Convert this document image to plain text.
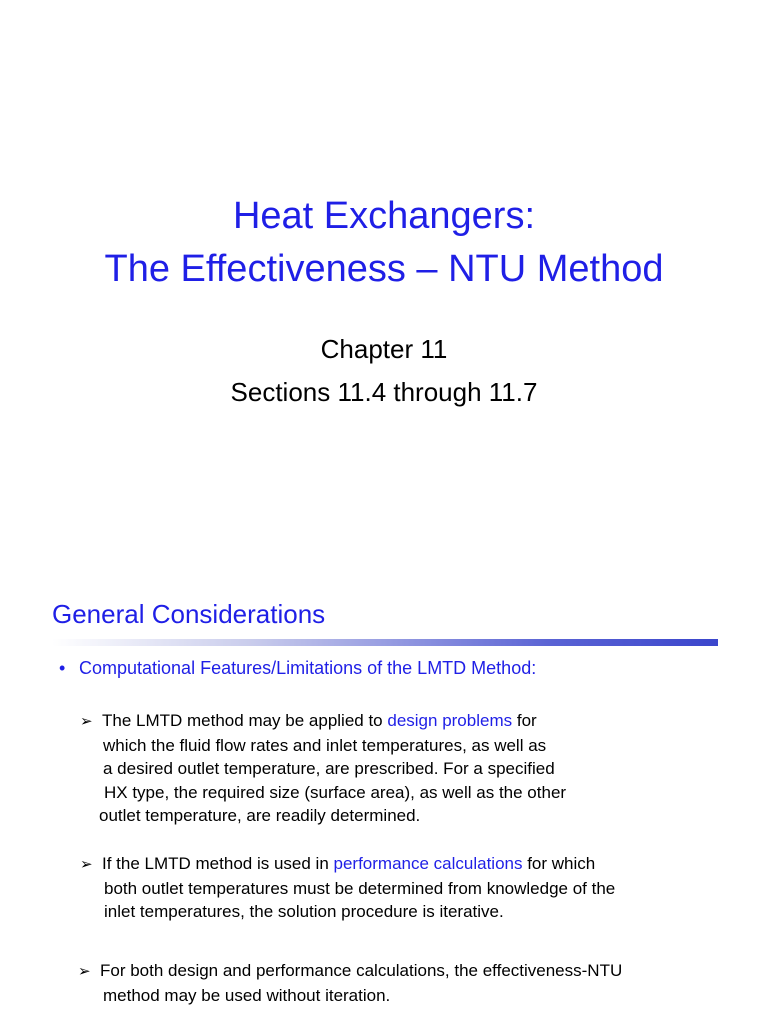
Heat Exchangers:
The Effectiveness – NTU Method
Chapter 11
Sections 11.4 through 11.7
General Considerations
• Computational Features/Limitations of the LMTD Method:
➢ The LMTD method may be applied to design problems for
which the fluid flow rates and inlet temperatures, as well as
a desired outlet temperature, are prescribed. For a specified
HX type, the required size (surface area), as well as the other
outlet temperature, are readily determined.
➢ If the LMTD method is used in performance calculations for which
both outlet temperatures must be determined from knowledge of the
inlet temperatures, the solution procedure is iterative.
➢ For both design and performance calculations, the effectiveness-NTU
method may be used without iteration.
